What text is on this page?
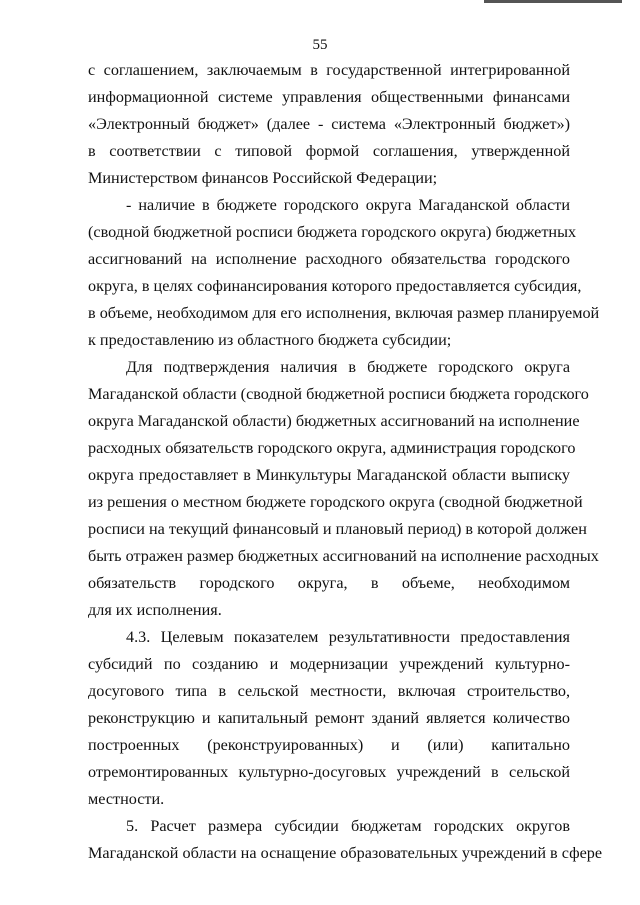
55
с соглашением, заключаемым в государственной интегрированной
информационной системе управления общественными финансами
«Электронный бюджет» (далее - система «Электронный бюджет»)
в соответствии с типовой формой соглашения, утвержденной
Министерством финансов Российской Федерации;
- наличие в бюджете городского округа Магаданской области
(сводной бюджетной росписи бюджета городского округа) бюджетных
ассигнований на исполнение расходного обязательства городского
округа, в целях софинансирования которого предоставляется субсидия,
в объеме, необходимом для его исполнения, включая размер планируемой
к предоставлению из областного бюджета субсидии;
Для подтверждения наличия в бюджете городского округа
Магаданской области (сводной бюджетной росписи бюджета городского
округа Магаданской области) бюджетных ассигнований на исполнение
расходных обязательств городского округа, администрация городского
округа предоставляет в Минкультуры Магаданской области выписку
из решения о местном бюджете городского округа (сводной бюджетной
росписи на текущий финансовый и плановый период) в которой должен
быть отражен размер бюджетных ассигнований на исполнение расходных
обязательств городского округа, в объеме, необходимом
для их исполнения.
4.3. Целевым показателем результативности предоставления
субсидий по созданию и модернизации учреждений культурно-
досугового типа в сельской местности, включая строительство,
реконструкцию и капитальный ремонт зданий является количество
построенных (реконструированных) и (или) капитально
отремонтированных культурно-досуговых учреждений в сельской
местности.
5. Расчет размера субсидии бюджетам городских округов
Магаданской области на оснащение образовательных учреждений в сфере
